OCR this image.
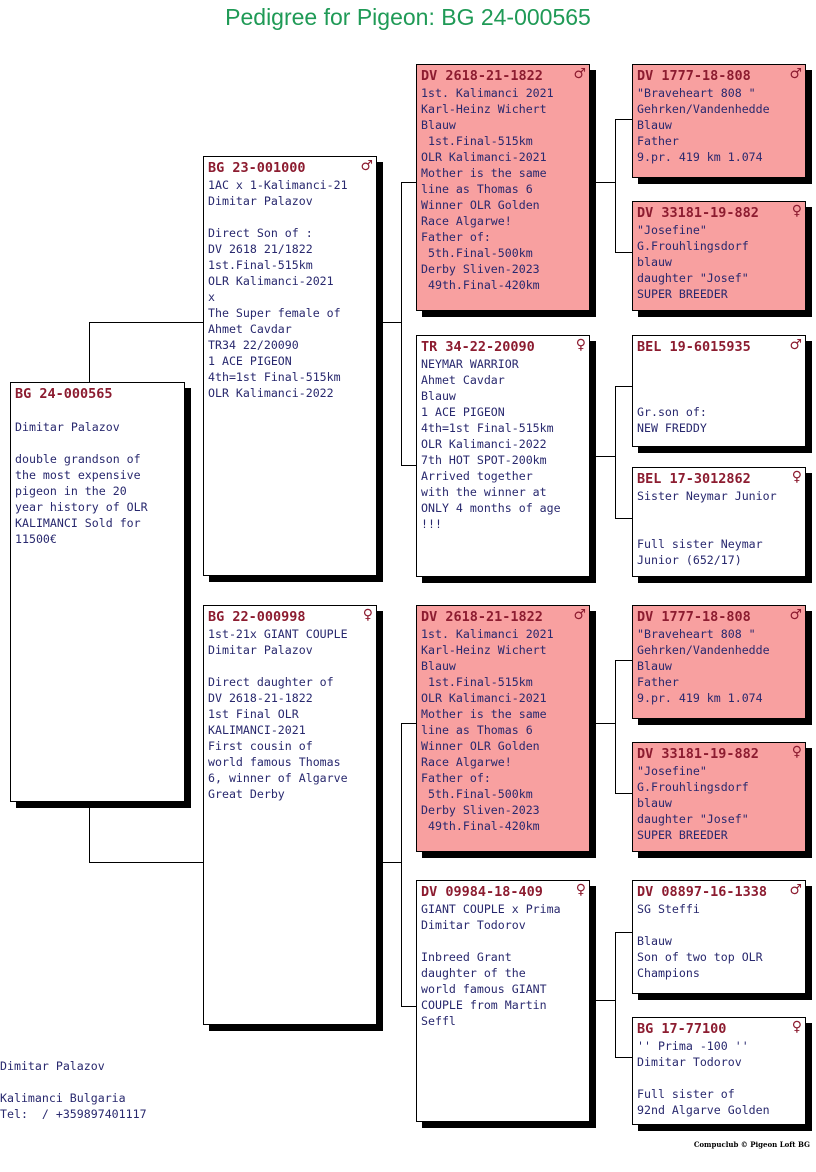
Pedigree for Pigeon: BG 24-000565
BG 24-000565

Dimitar Palazov

double grandson of
the most expensive
pigeon in the 20
year history of OLR
KALIMANCI Sold for
11500€
BG 23-001000	♂
1AC x 1-Kalimanci-21
Dimitar Palazov

Direct Son of :
DV 2618 21/1822
1st.Final-515km
OLR Kalimanci-2021
x
The Super female of
Ahmet Cavdar
TR34 22/20090
1 ACE PIGEON
4th=1st Final-515km
OLR Kalimanci-2022
BG 22-000998	♀
1st-21x GIANT COUPLE
Dimitar Palazov

Direct daughter of
DV 2618-21-1822
1st Final OLR
KALIMANCI-2021
First cousin of
world famous Thomas
6, winner of Algarve
Great Derby
DV 2618-21-1822 ♂
1st. Kalimanci 2021
Karl-Heinz Wichert
Blauw
1st.Final-515km
OLR Kalimanci-2021
Mother is the same
line as Thomas 6
Winner OLR Golden
Race Algarwe!
Father of:
5th.Final-500km
Derby Sliven-2023
49th.Final-420km
TR 34-22-20090	♀
NEYMAR WARRIOR
Ahmet Cavdar
Blauw
1 ACE PIGEON
4th=1st Final-515km
OLR Kalimanci-2022
7th HOT SPOT-200km
Arrived together
with the winner at
ONLY 4 months of age
!!!
DV 2618-21-1822 ♂
1st. Kalimanci 2021
Karl-Heinz Wichert
Blauw
1st.Final-515km
OLR Kalimanci-2021
Mother is the same
line as Thomas 6
Winner OLR Golden
Race Algarwe!
Father of:
5th.Final-500km
Derby Sliven-2023
49th.Final-420km
DV 09984-18-409 ♀
GIANT COUPLE x Prima
Dimitar Todorov

Inbreed Grant
daughter of the
world famous GIANT
COUPLE from Martin
Seffl
DV 1777-18-808	♂
"Braveheart 808 "
Gehrken/Vandenhedde
Blauw
Father
9.pr. 419 km 1.074
DV 33181-19-882 ♀
"Josefine"
G.Frouhlingsdorf
blauw
daughter "Josef"
SUPER BREEDER
BEL 19-6015935	♂

Gr.son of:
NEW FREDDY
BEL 17-3012862	♀
Sister Neymar Junior

Full sister Neymar
Junior (652/17)
DV 1777-18-808	♂
"Braveheart 808 "
Gehrken/Vandenhedde
Blauw
Father
9.pr. 419 km 1.074
DV 33181-19-882 ♀
"Josefine"
G.Frouhlingsdorf
blauw
daughter "Josef"
SUPER BREEDER
DV 08897-16-1338 ♂
SG Steffi

Blauw
Son of two top OLR
Champions
BG 17-77100	♀
'' Prima -100 ''
Dimitar Todorov

Full sister of
92nd Algarve Golden
Dimitar Palazov

Kalimanci Bulgaria
Tel:  / +359897401117
Compuclub © Pigeon Loft BG
